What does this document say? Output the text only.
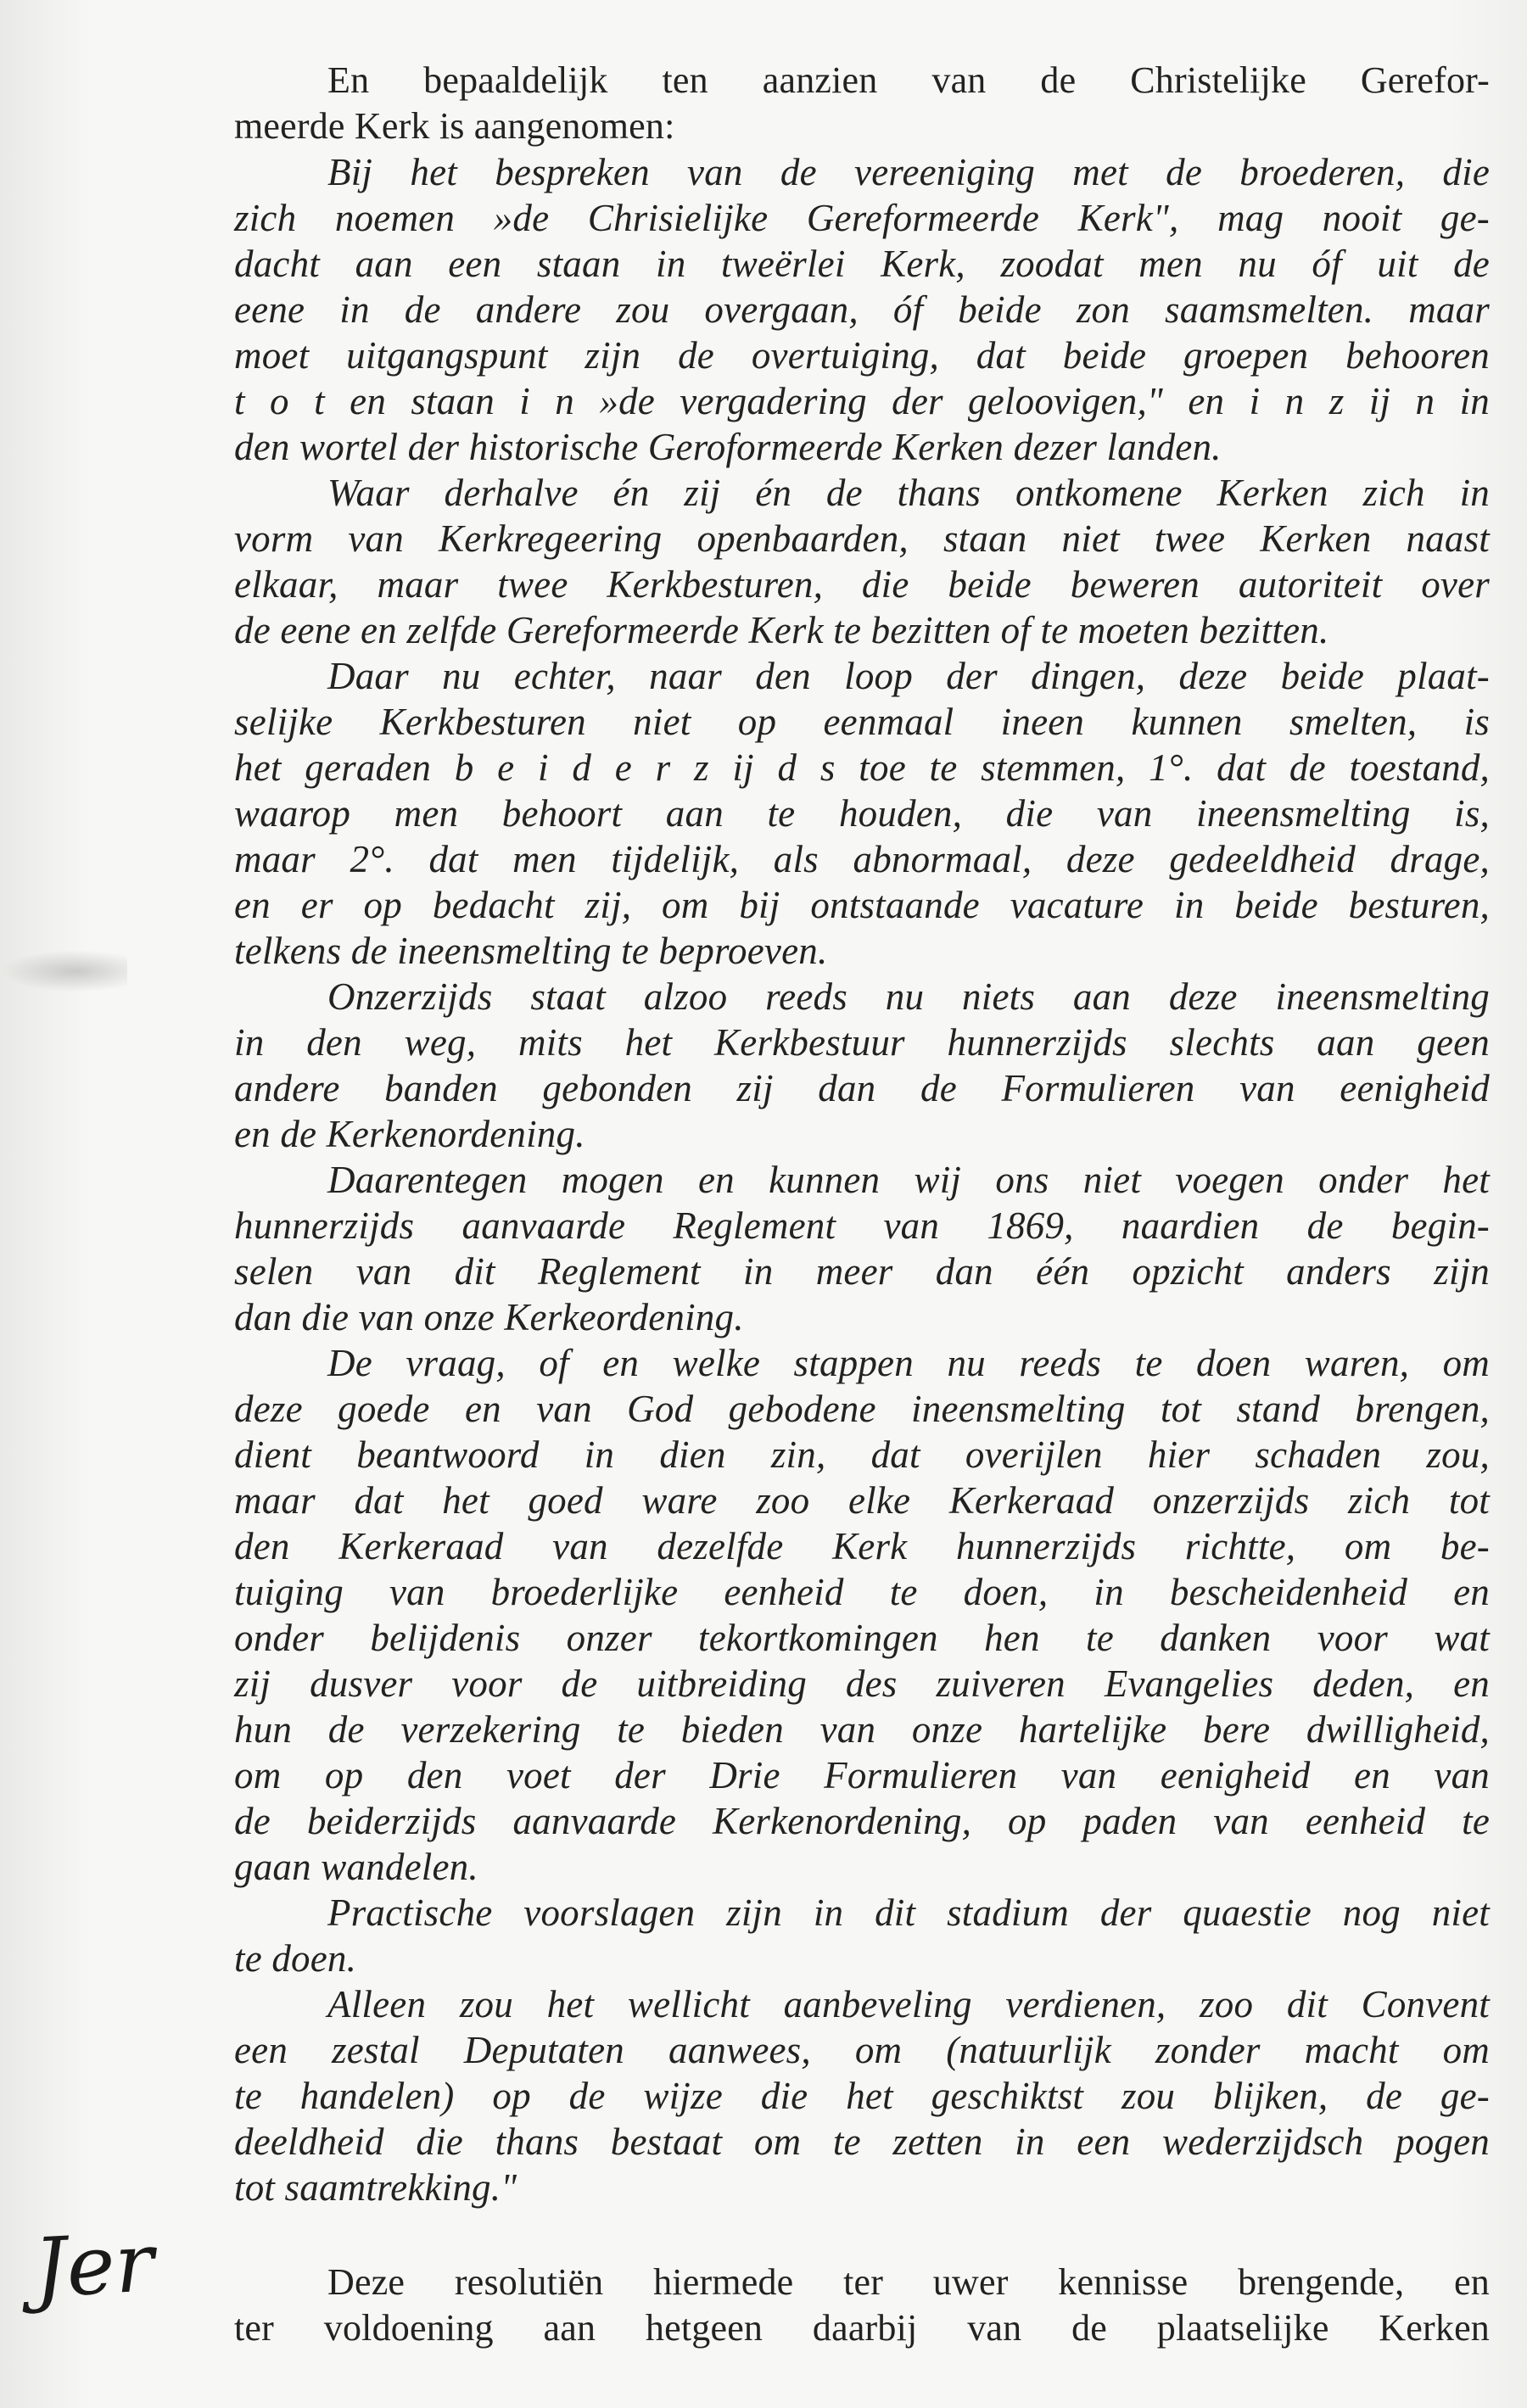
En bepaaldelijk ten aanzien van de Christelijke Gerefor-
meerde Kerk is aangenomen:
Bij het bespreken van de vereeniging met de broederen, die
zich noemen »de Chrisielijke Gereformeerde Kerk", mag nooit ge-
dacht aan een staan in tweërlei Kerk, zoodat men nu óf uit de
eene in de andere zou overgaan, óf beide zon saamsmelten. maar
moet uitgangspunt zijn de overtuiging, dat beide groepen behooren
t o t en staan i n »de vergadering der geloovigen," en i n z ij n in
den wortel der historische Geroformeerde Kerken dezer landen.
Waar derhalve én zij én de thans ontkomene Kerken zich in
vorm van Kerkregeering openbaarden, staan niet twee Kerken naast
elkaar, maar twee Kerkbesturen, die beide beweren autoriteit over
de eene en zelfde Gereformeerde Kerk te bezitten of te moeten bezitten.
Daar nu echter, naar den loop der dingen, deze beide plaat-
selijke Kerkbesturen niet op eenmaal ineen kunnen smelten, is
het geraden b e i d e r z ij d s toe te stemmen, 1°. dat de toestand,
waarop men behoort aan te houden, die van ineensmelting is,
maar 2°. dat men tijdelijk, als abnormaal, deze gedeeldheid drage,
en er op bedacht zij, om bij ontstaande vacature in beide besturen,
telkens de ineensmelting te beproeven.
Onzerzijds staat alzoo reeds nu niets aan deze ineensmelting
in den weg, mits het Kerkbestuur hunnerzijds slechts aan geen
andere banden gebonden zij dan de Formulieren van eenigheid
en de Kerkenordening.
Daarentegen mogen en kunnen wij ons niet voegen onder het
hunnerzijds aanvaarde Reglement van 1869, naardien de begin-
selen van dit Reglement in meer dan één opzicht anders zijn
dan die van onze Kerkeordening.
De vraag, of en welke stappen nu reeds te doen waren, om
deze goede en van God gebodene ineensmelting tot stand brengen,
dient beantwoord in dien zin, dat overijlen hier schaden zou,
maar dat het goed ware zoo elke Kerkeraad onzerzijds zich tot
den Kerkeraad van dezelfde Kerk hunnerzijds richtte, om be-
tuiging van broederlijke eenheid te doen, in bescheidenheid en
onder belijdenis onzer tekortkomingen hen te danken voor wat
zij dusver voor de uitbreiding des zuiveren Evangelies deden, en
hun de verzekering te bieden van onze hartelijke bere dwilligheid,
om op den voet der Drie Formulieren van eenigheid en van
de beiderzijds aanvaarde Kerkenordening, op paden van eenheid te
gaan wandelen.
Practische voorslagen zijn in dit stadium der quaestie nog niet
te doen.
Alleen zou het wellicht aanbeveling verdienen, zoo dit Convent
een zestal Deputaten aanwees, om (natuurlijk zonder macht om
te handelen) op de wijze die het geschiktst zou blijken, de ge-
deeldheid die thans bestaat om te zetten in een wederzijdsch pogen
tot saamtrekking."
Deze resolutiën hiermede ter uwer kennisse brengende, en
ter voldoening aan hetgeen daarbij van de plaatselijke Kerken
Jer
